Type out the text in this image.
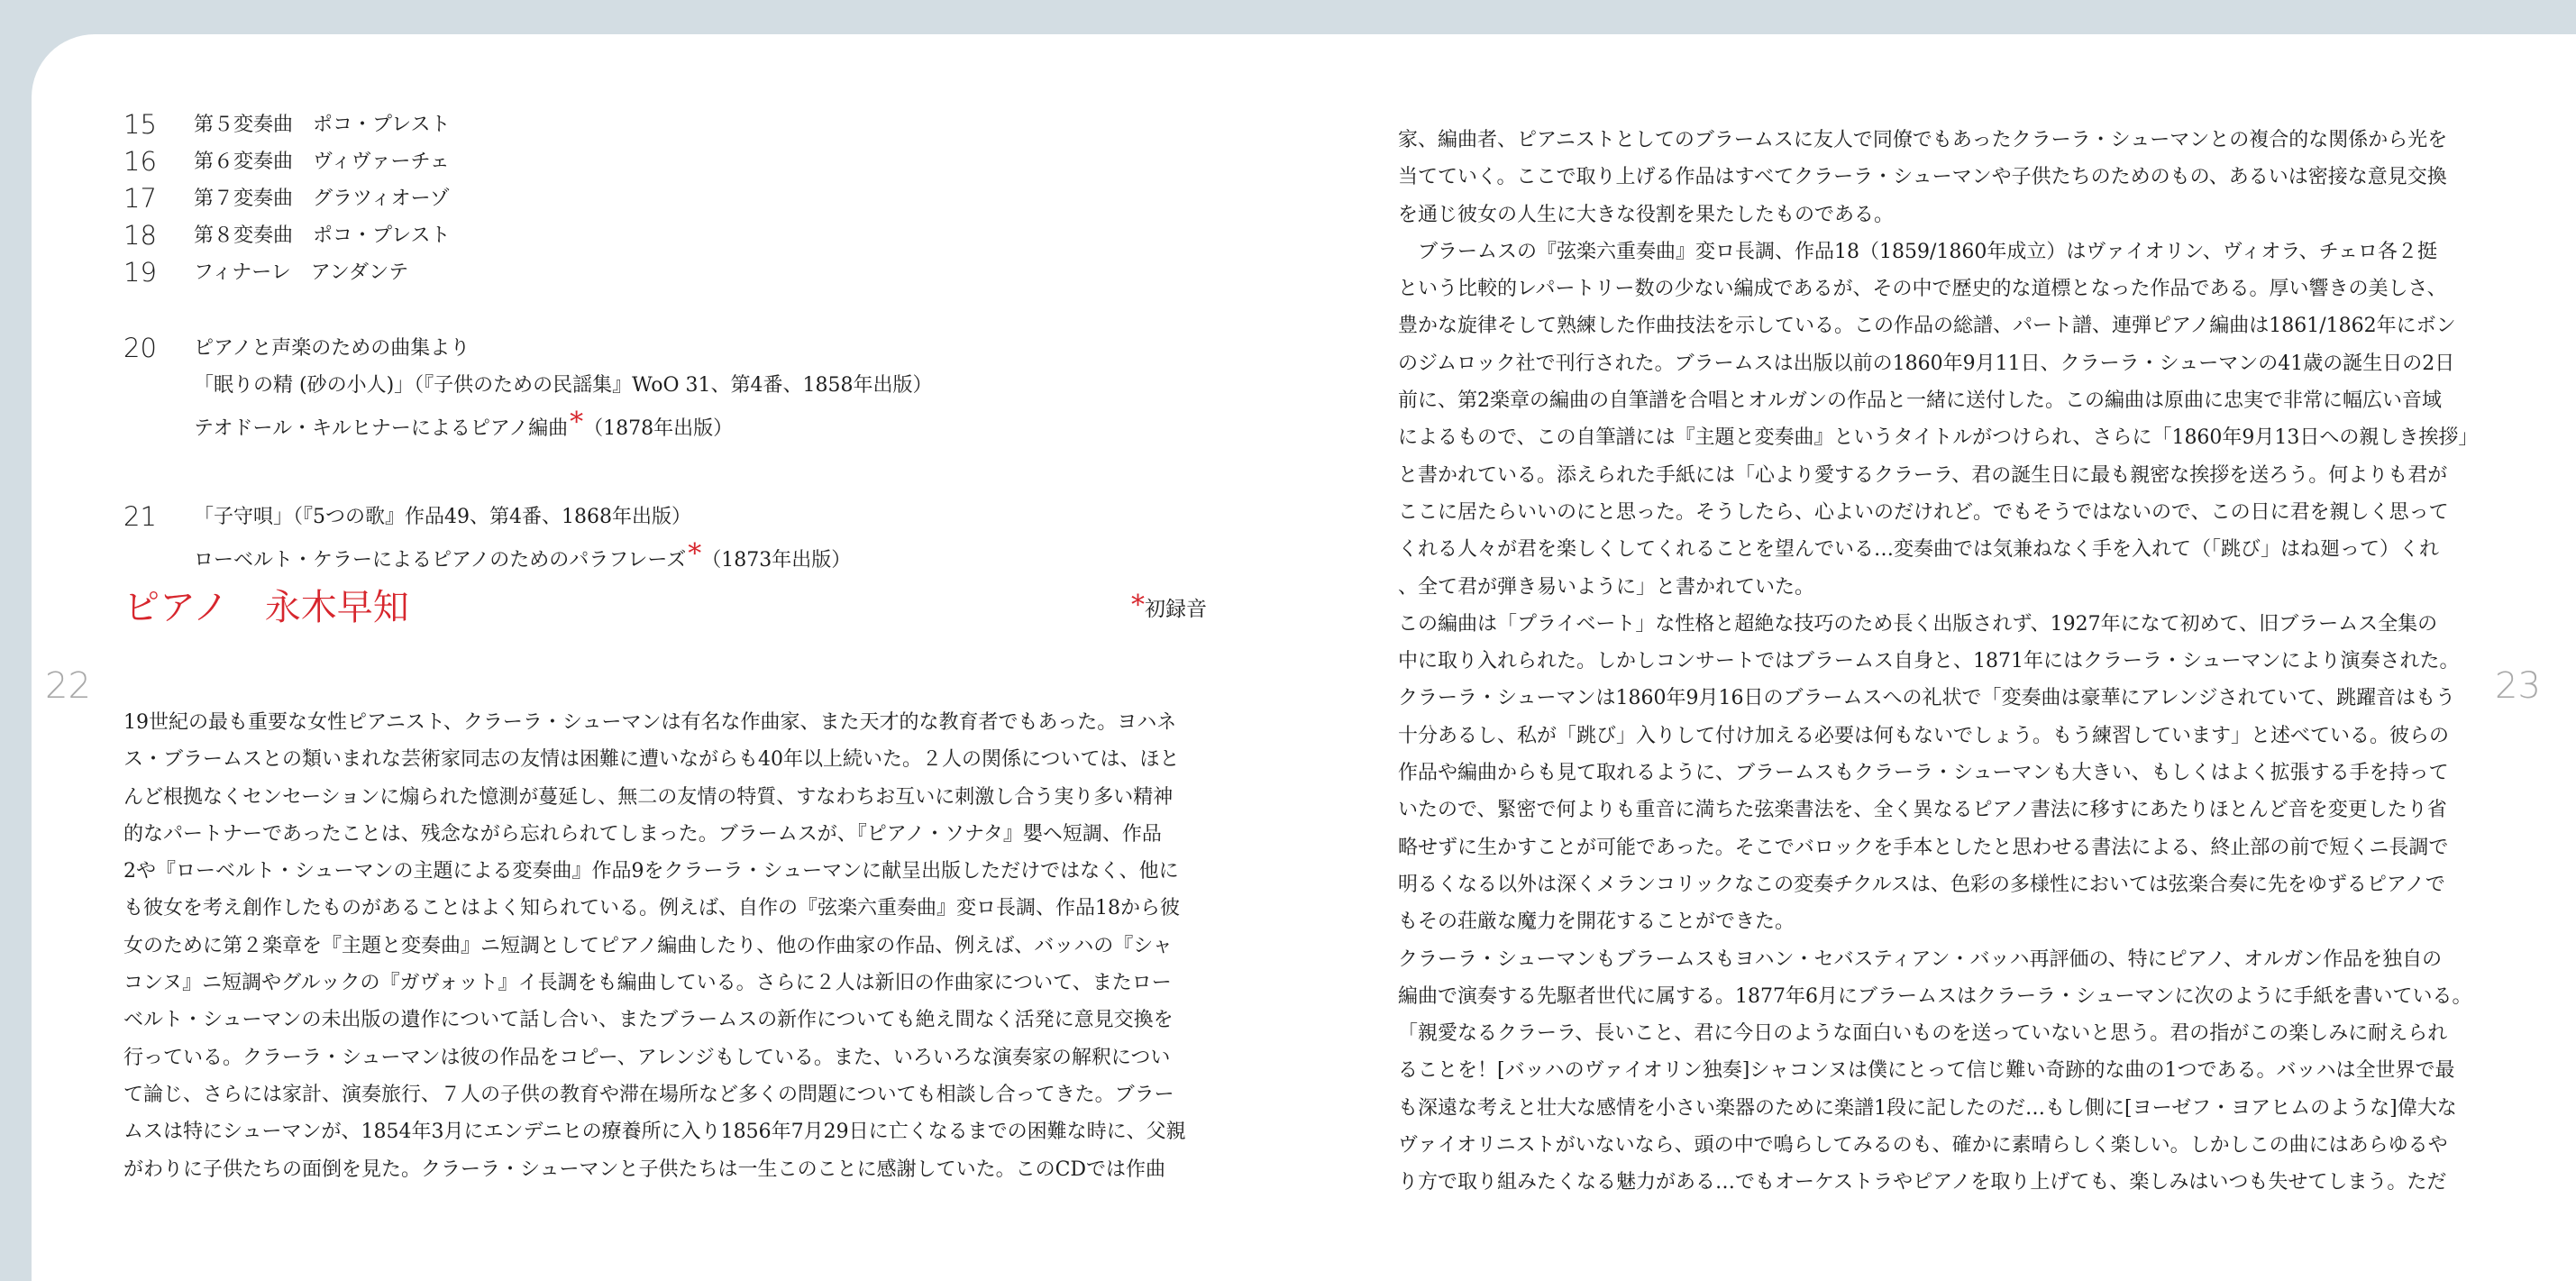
22	23
15 第５変奏曲　ポコ・プレスト
16 第６変奏曲　ヴィヴァーチェ
17 第７変奏曲　グラツィオーゾ
18 第８変奏曲　ポコ・プレスト
19 フィナーレ　アンダンテ
20 ピアノと声楽のための曲集より
「眠りの精 (砂の小人)」（『子供のための民謡集』WoO 31、第4番、1858年出版）
テオドール・キルヒナーによるピアノ編曲*（1878年出版）
21 「子守唄」（『5つの歌』作品49、第4番、1868年出版）
ローベルト・ケラーによるピアノのためのパラフレーズ*（1873年出版）
ピアノ　永木早知	*初録音
19世紀の最も重要な女性ピアニスト、クラーラ・シューマンは有名な作曲家、また天才的な教育者でもあった。ヨハネ
ス・ブラームスとの類いまれな芸術家同志の友情は困難に遭いながらも40年以上続いた。２人の関係については、ほと
んど根拠なくセンセーションに煽られた憶測が蔓延し、無二の友情の特質、すなわちお互いに刺激し合う実り多い精神
的なパートナーであったことは、残念ながら忘れられてしまった。ブラームスが、『ピアノ・ソナタ』嬰ヘ短調、作品
2や『ローベルト・シューマンの主題による変奏曲』作品9をクラーラ・シューマンに献呈出版しただけではなく、他に
も彼女を考え創作したものがあることはよく知られている。例えば、自作の『弦楽六重奏曲』変ロ長調、作品18から彼
女のために第２楽章を『主題と変奏曲』ニ短調としてピアノ編曲したり、他の作曲家の作品、例えば、バッハの『シャ
コンヌ』ニ短調やグルックの『ガヴォット』イ長調をも編曲している。さらに２人は新旧の作曲家について、またロー
ベルト・シューマンの未出版の遺作について話し合い、またブラームスの新作についても絶え間なく活発に意見交換を
行っている。クラーラ・シューマンは彼の作品をコピー、アレンジもしている。また、いろいろな演奏家の解釈につい
て論じ、さらには家計、演奏旅行、７人の子供の教育や滞在場所など多くの問題についても相談し合ってきた。ブラー
ムスは特にシューマンが、1854年3月にエンデニヒの療養所に入り1856年7月29日に亡くなるまでの困難な時に、父親
がわりに子供たちの面倒を見た。クラーラ・シューマンと子供たちは一生このことに感謝していた。このCDでは作曲
家、編曲者、ピアニストとしてのブラームスに友人で同僚でもあったクラーラ・シューマンとの複合的な関係から光を
当てていく。ここで取り上げる作品はすべてクラーラ・シューマンや子供たちのためのもの、あるいは密接な意見交換
を通じ彼女の人生に大きな役割を果たしたものである。
　ブラームスの『弦楽六重奏曲』変ロ長調、作品18（1859/1860年成立）はヴァイオリン、ヴィオラ、チェロ各２挺
という比較的レパートリー数の少ない編成であるが、その中で歴史的な道標となった作品である。厚い響きの美しさ、
豊かな旋律そして熟練した作曲技法を示している。この作品の総譜、パート譜、連弾ピアノ編曲は1861/1862年にボン
のジムロック社で刊行された。ブラームスは出版以前の1860年9月11日、クラーラ・シューマンの41歳の誕生日の2日
前に、第2楽章の編曲の自筆譜を合唱とオルガンの作品と一緒に送付した。この編曲は原曲に忠実で非常に幅広い音域
によるもので、この自筆譜には『主題と変奏曲』というタイトルがつけられ、さらに「1860年9月13日への親しき挨拶」
と書かれている。添えられた手紙には「心より愛するクラーラ、君の誕生日に最も親密な挨拶を送ろう。何よりも君が
ここに居たらいいのにと思った。そうしたら、心よいのだけれど。でもそうではないので、この日に君を親しく思って
くれる人々が君を楽しくしてくれることを望んでいる…変奏曲では気兼ねなく手を入れて（「跳び」はね廻って）くれ
、全て君が弾き易いように」と書かれていた。
この編曲は「プライベート」な性格と超絶な技巧のため長く出版されず、1927年になて初めて、旧ブラームス全集の
中に取り入れられた。しかしコンサートではブラームス自身と、1871年にはクラーラ・シューマンにより演奏された。
クラーラ・シューマンは1860年9月16日のブラームスへの礼状で「変奏曲は豪華にアレンジされていて、跳躍音はもう
十分あるし、私が「跳び」入りして付け加える必要は何もないでしょう。もう練習しています」と述べている。彼らの
作品や編曲からも見て取れるように、ブラームスもクラーラ・シューマンも大きい、もしくはよく拡張する手を持って
いたので、緊密で何よりも重音に満ちた弦楽書法を、全く異なるピアノ書法に移すにあたりほとんど音を変更したり省
略せずに生かすことが可能であった。そこでバロックを手本としたと思わせる書法による、終止部の前で短くニ長調で
明るくなる以外は深くメランコリックなこの変奏チクルスは、色彩の多様性においては弦楽合奏に先をゆずるピアノで
もその荘厳な魔力を開花することができた。
クラーラ・シューマンもブラームスもヨハン・セバスティアン・バッハ再評価の、特にピアノ、オルガン作品を独自の
編曲で演奏する先駆者世代に属する。1877年6月にブラームスはクラーラ・シューマンに次のように手紙を書いている。
「親愛なるクラーラ、長いこと、君に今日のような面白いものを送っていないと思う。君の指がこの楽しみに耐えられ
ることを！[バッハのヴァイオリン独奏]シャコンヌは僕にとって信じ難い奇跡的な曲の1つである。バッハは全世界で最
も深遠な考えと壮大な感情を小さい楽器のために楽譜1段に記したのだ…もし側に[ヨーゼフ・ヨアヒムのような]偉大な
ヴァイオリニストがいないなら、頭の中で鳴らしてみるのも、確かに素晴らしく楽しい。しかしこの曲にはあらゆるや
り方で取り組みたくなる魅力がある…でもオーケストラやピアノを取り上げても、楽しみはいつも失せてしまう。ただ
